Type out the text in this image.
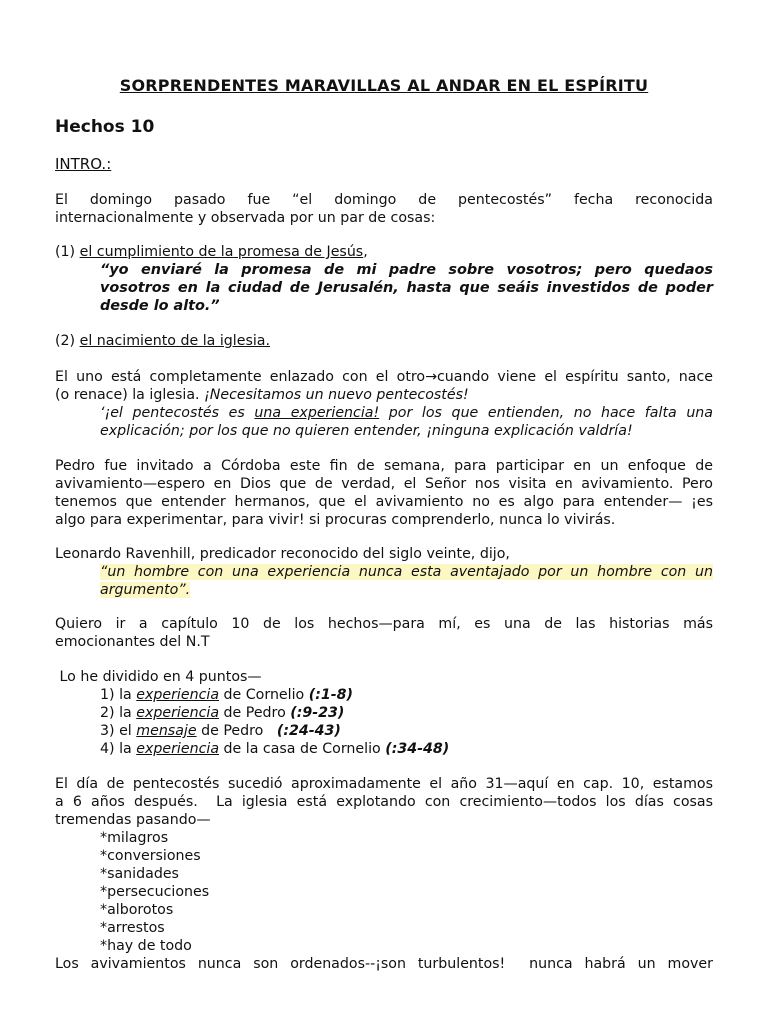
SORPRENDENTES MARAVILLAS AL ANDAR EN EL ESPÍRITU
Hechos 10
INTRO.:
El domingo pasado fue “el domingo de pentecostés” fecha reconocida
internacionalmente y observada por un par de cosas:
(1) el cumplimiento de la promesa de Jesús,
“yo enviaré la promesa de mi padre sobre vosotros; pero quedaos
vosotros en la ciudad de Jerusalén, hasta que seáis investidos de poder
desde lo alto.”
(2) el nacimiento de la iglesia.
El uno está completamente enlazado con el otro→cuando viene el espíritu santo, nace
(o renace) la iglesia. ¡Necesitamos un nuevo pentecostés!
‘¡el pentecostés es una experiencia! por los que entienden, no hace falta una
explicación; por los que no quieren entender, ¡ninguna explicación valdría!
Pedro fue invitado a Córdoba este fin de semana, para participar en un enfoque de
avivamiento—espero en Dios que de verdad, el Señor nos visita en avivamiento. Pero
tenemos que entender hermanos, que el avivamiento no es algo para entender— ¡es
algo para experimentar, para vivir! si procuras comprenderlo, nunca lo vivirás.
Leonardo Ravenhill, predicador reconocido del siglo veinte, dijo,
“un hombre con una experiencia nunca esta aventajado por un hombre con un
argumento”.
Quiero ir a capítulo 10 de los hechos—para mí, es una de las historias más
emocionantes del N.T
Lo he dividido en 4 puntos—
1) la experiencia de Cornelio (:1-8)
2) la experiencia de Pedro (:9-23)
3) el mensaje de Pedro   (:24-43)
4) la experiencia de la casa de Cornelio (:34-48)
El día de pentecostés sucedió aproximadamente el año 31—aquí en cap. 10, estamos
a 6 años después.  La iglesia está explotando con crecimiento—todos los días cosas
tremendas pasando—
*milagros
*conversiones
*sanidades
*persecuciones
*alborotos
*arrestos
*hay de todo
Los avivamientos nunca son ordenados--¡son turbulentos!  nunca habrá un mover
